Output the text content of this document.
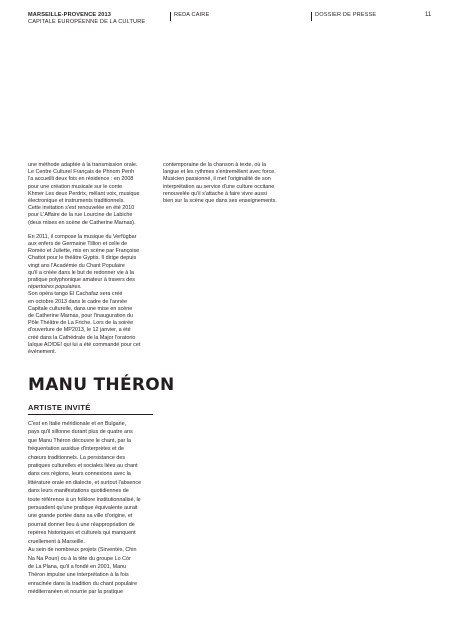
MARSEILLE-PROVENCE 2013
CAPITALE EUROPÉENNE DE LA CULTURE
REDA CAIRE	DOSSIER DE PRESSE	11

une méthode adaptée à la transmission orale.
Le Centre Culturel Français de Phnom Penh
l'a accueilli deux fois en résidence : en 2008
pour une création musicale sur le conte
Khmer Les deux Perdrix, mêlant voix, musique
électronique et instruments traditionnels.
Cette invitation s'est renouvelée en été 2010
pour L'Affaire de la rue Lourcine de Labiche
(deux mises en scène de Catherine Marnas).

En 2011, il compose la musique du Verfügbar
aux enfers de Germaine Tillion et celle de
Roméo et Juliette, mis en scène par Françoise
Chattot pour le théâtre Gyptis. Il dirige depuis
vingt ans l'Académie du Chant Populaire
qu'il a créée dans le but de redonner vie à la
pratique polyphonique amateur à travers des
répertoires populaires.
Son opéra tango El Cachafaz sera créé
en octobre 2013 dans le cadre de l'année
Capitale culturelle, dans une mise en scène
de Catherine Marnas, pour l'inauguration du
Pôle Théâtre de La Friche. Lors de la soirée
d'ouverture de MP2013, le 12 janvier, a été
créé dans la Cathédrale de la Major l'oratorio
laïque AO!DE! qui lui a été commandé pour cet
événement.

contemporaine de la chanson à texte, où la
langue et les rythmes s'entremêlent avec force.
Musicien passionné, il met l'originalité de son
interprétation au service d'une culture occitane
renouvelée qu'il s'attache à faire vivre aussi
bien sur la scène que dans ses enseignements.

MANU THÉRON
ARTISTE INVITÉ

C'est en Italie méridionale et en Bulgarie,
pays qu'il sillonne durant plus de quatre ans
que Manu Théron découvre le chant, par la
fréquentation assidue d'interprètes et de
chœurs traditionnels. La persistance des
pratiques culturelles et sociales liées au chant
dans ces régions, leurs connexions avec la
littérature orale en dialecte, et surtout l'absence
dans leurs manifestations quotidiennes de
toute référence à un folklore institutionnalisé, le
persuadent qu'une pratique équivalente aurait
une grande portée dans sa ville d'origine, et
pourrait donner lieu à une réappropriation de
repères historiques et culturels qui manquent
cruellement à Marseille.
Au sein de nombreux projets (Sirventès, Chin
Na Na Poun) ou à la tête du groupe Lo Còr
de La Plana, qu'il a fondé en 2001, Manu
Théron impulse une interprétation à la fois
enracinée dans la tradition du chant populaire
méditerranéen et nourrie par la pratique
